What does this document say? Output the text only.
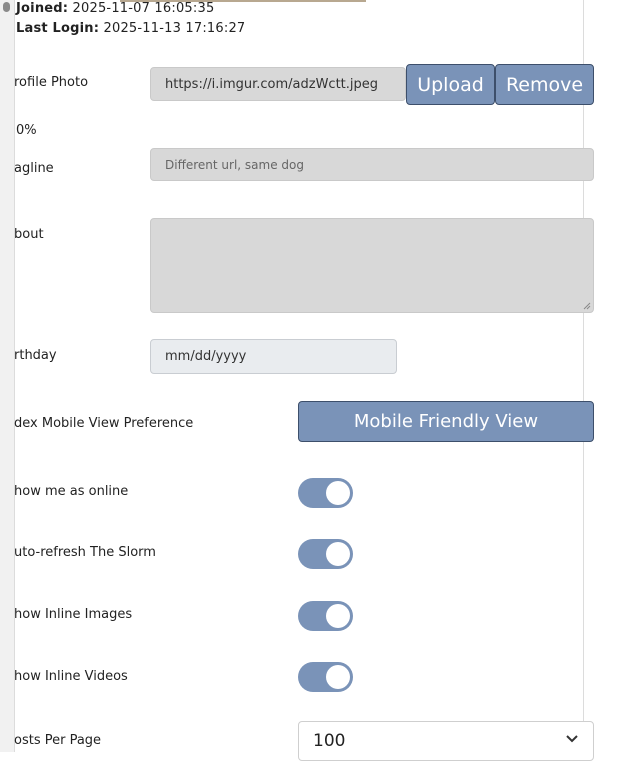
Joined: 2025-11-07 16:05:35
Last Login: 2025-11-13 17:16:27
rofile Photo	https://i.imgur.com/adzWctt.jpeg Upload Remove
0%
agline	Different url, same dog
bout
rthday	mm/dd/yyyy
dex Mobile View Preference	Mobile Friendly View
how me as online
uto-refresh The Slorm
how Inline Images
how Inline Videos
osts Per Page	100
